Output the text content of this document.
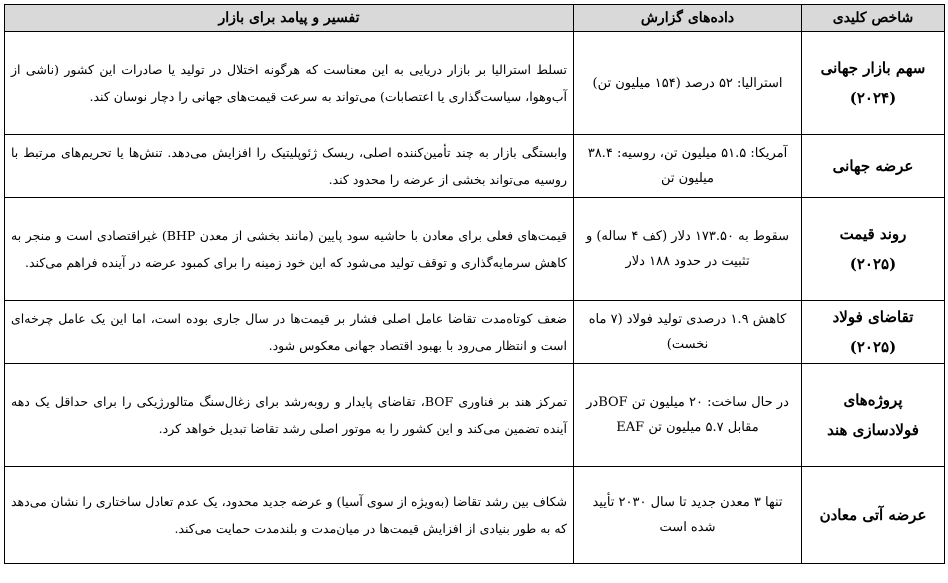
شاخص کلیدی	داده‌های گزارش	تفسیر و پیامد برای بازار

سهم بازار جهانی
(۲۰۲۴)	استرالیا: ۵۲ درصد (۱۵۴ میلیون تن)	تسلط استرالیا بر بازار دریایی به این معناست که هرگونه اختلال در تولید یا صادرات این کشور (ناشی از آب‌وهوا، سیاست‌گذاری یا اعتصابات) می‌تواند به سرعت قیمت‌های جهانی را دچار نوسان کند.

عرضه جهانی	آمریکا: ۵۱.۵ میلیون تن، روسیه: ۳۸.۴ میلیون تن	وابستگی بازار به چند تأمین‌کننده اصلی، ریسک ژئوپلیتیک را افزایش می‌دهد. تنش‌ها یا تحریم‌های مرتبط با روسیه می‌تواند بخشی از عرضه را محدود کند.

روند قیمت
(۲۰۲۵)	سقوط به ۱۷۳.۵۰ دلار (کف ۴ ساله) و تثبیت در حدود ۱۸۸ دلار	قیمت‌های فعلی برای معادن با حاشیه سود پایین (مانند بخشی از معدن BHP) غیراقتصادی است و منجر به کاهش سرمایه‌گذاری و توقف تولید می‌شود که این خود زمینه را برای کمبود عرضه در آینده فراهم می‌کند.

تقاضای فولاد
(۲۰۲۵)	کاهش ۱.۹ درصدی تولید فولاد (۷ ماه نخست)	ضعف کوتاه‌مدت تقاضا عامل اصلی فشار بر قیمت‌ها در سال جاری بوده است، اما این یک عامل چرخه‌ای است و انتظار می‌رود با بهبود اقتصاد جهانی معکوس شود.

پروژه‌های
فولادسازی هند	در حال ساخت: ۲۰ میلیون تن BOFدر مقابل ۵.۷ میلیون تن EAF	تمرکز هند بر فناوری BOF، تقاضای پایدار و روبه‌رشد برای زغال‌سنگ متالورژیکی را برای حداقل یک دهه آینده تضمین می‌کند و این کشور را به موتور اصلی رشد تقاضا تبدیل خواهد کرد.

عرضه آتی معادن	تنها ۳ معدن جدید تا سال ۲۰۳۰ تأیید شده است	شکاف بین رشد تقاضا (به‌ویژه از سوی آسیا) و عرضه جدید محدود، یک عدم تعادل ساختاری را نشان می‌دهد که به طور بنیادی از افزایش قیمت‌ها در میان‌مدت و بلندمدت حمایت می‌کند.
